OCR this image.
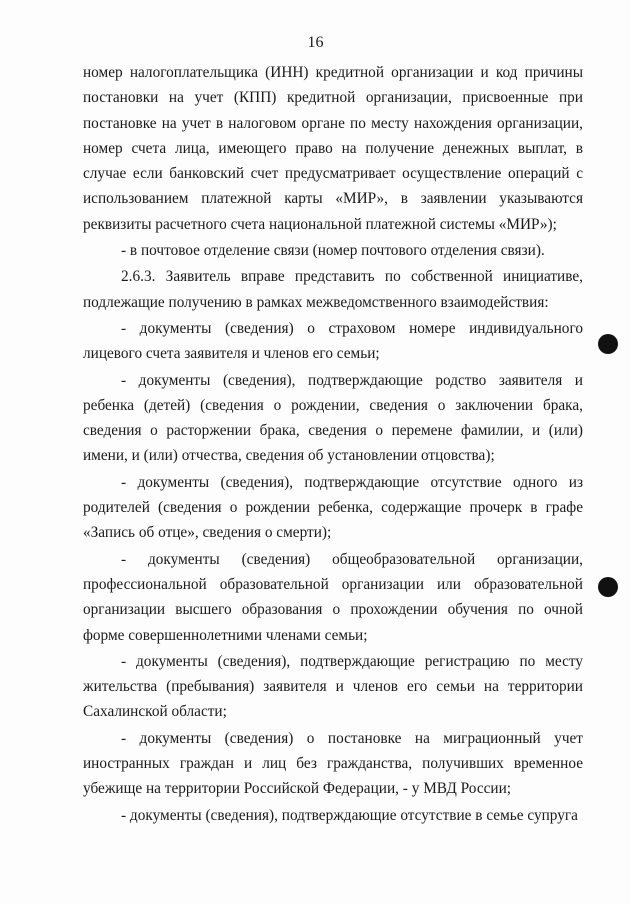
16

номер налогоплательщика (ИНН) кредитной организации и код причины постановки на учет (КПП) кредитной организации, присвоенные при постановке на учет в налоговом органе по месту нахождения организации, номер счета лица, имеющего право на получение денежных выплат, в случае если банковский счет предусматривает осуществление операций с использованием платежной карты «МИР», в заявлении указываются реквизиты расчетного счета национальной платежной системы «МИР»);

- в почтовое отделение связи (номер почтового отделения связи).

2.6.3. Заявитель вправе представить по собственной инициативе, подлежащие получению в рамках межведомственного взаимодействия:

- документы (сведения) о страховом номере индивидуального лицевого счета заявителя и членов его семьи;

- документы (сведения), подтверждающие родство заявителя и ребенка (детей) (сведения о рождении, сведения о заключении брака, сведения о расторжении брака, сведения о перемене фамилии, и (или) имени, и (или) отчества, сведения об установлении отцовства);

- документы (сведения), подтверждающие отсутствие одного из родителей (сведения о рождении ребенка, содержащие прочерк в графе «Запись об отце», сведения о смерти);

- документы (сведения) общеобразовательной организации, профессиональной образовательной организации или образовательной организации высшего образования о прохождении обучения по очной форме совершеннолетними членами семьи;

- документы (сведения), подтверждающие регистрацию по месту жительства (пребывания) заявителя и членов его семьи на территории Сахалинской области;

- документы (сведения) о постановке на миграционный учет иностранных граждан и лиц без гражданства, получивших временное убежище на территории Российской Федерации, - у МВД России;

- документы (сведения), подтверждающие отсутствие в семье супруга
